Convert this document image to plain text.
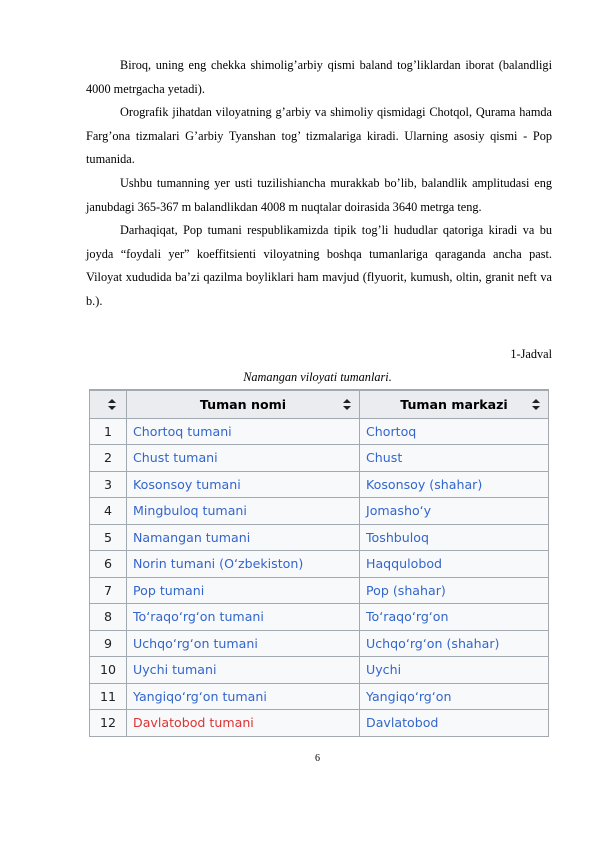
Biroq, uning eng chekka shimolig’arbiy qismi baland tog’liklardan iborat (balandligi 4000 metrgacha yetadi).

Orografik jihatdan viloyatning g’arbiy va shimoliy qismidagi Chotqol, Qurama hamda Farg’ona tizmalari G’arbiy Tyanshan tog’ tizmalariga kiradi. Ularning asosiy qismi - Pop tumanida.

Ushbu tumanning yer usti tuzilishiancha murakkab bo’lib, balandlik amplitudasi eng janubdagi 365-367 m balandlikdan 4008 m nuqtalar doirasida 3640 metrga teng.

Darhaqiqat, Pop tumani respublikamizda tipik tog’li hududlar qatoriga kiradi va bu joyda “foydali yer” koeffitsienti viloyatning boshqa tumanlariga qaraganda ancha past. Viloyat xududida ba’zi qazilma boyliklari ham mavjud (flyuorit, kumush, oltin, granit neft va b.).

1-Jadval
Namangan viloyati tumanlari.
	Tuman nomi	Tuman markazi

1	Chortoq tumani	Chortoq
2	Chust tumani	Chust
3	Kosonsoy tumani	Kosonsoy (shahar)
4	Mingbuloq tumani	Jomasho‘y
5	Namangan tumani	Toshbuloq
6	Norin tumani (O‘zbekiston)	Haqqulobod
7	Pop tumani	Pop (shahar)
8	To‘raqo‘rg‘on tumani	To‘raqo‘rg‘on
9	Uchqo‘rg‘on tumani	Uchqo‘rg‘on (shahar)
10	Uychi tumani	Uychi
11	Yangiqo‘rg‘on tumani	Yangiqo‘rg‘on
12	Davlatobod tumani	Davlatobod
6
